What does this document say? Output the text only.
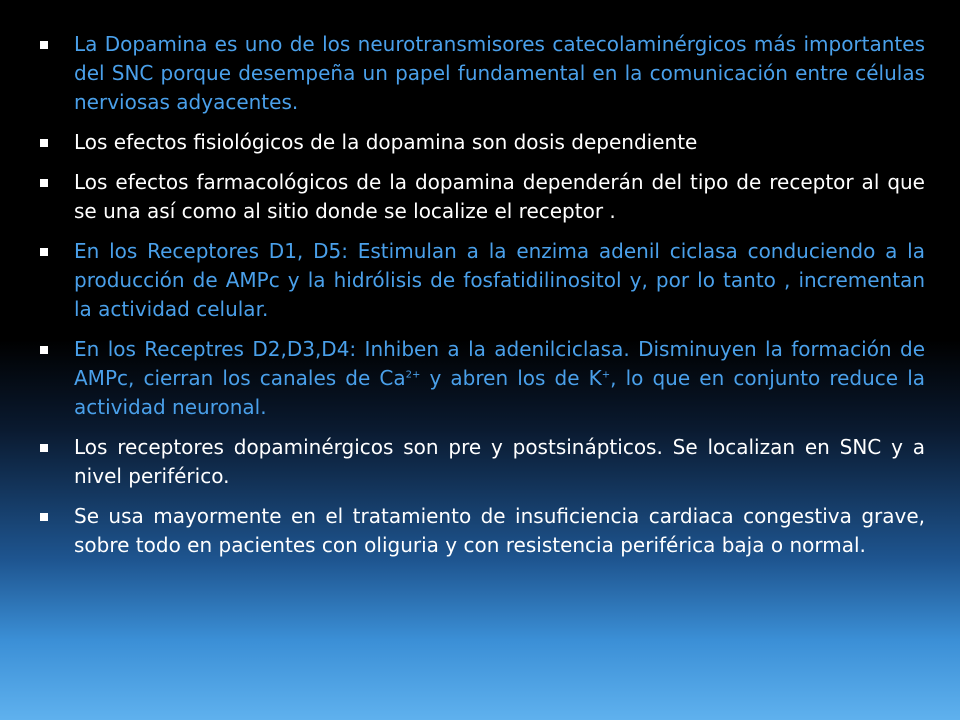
La Dopamina es uno de los neurotransmisores catecolaminérgicos más importantes del SNC porque desempeña un papel fundamental en la comunicación entre células nerviosas adyacentes.
Los efectos fisiológicos de la dopamina son dosis dependiente
Los efectos farmacológicos de la dopamina dependerán del tipo de receptor al que se una así como al sitio donde se localize el receptor .
En los Receptores D1, D5: Estimulan a la enzima adenil ciclasa conduciendo a la producción de AMPc y la hidrólisis de fosfatidilinositol y, por lo tanto , incrementan la actividad celular.
En los Receptres D2,D3,D4: Inhiben a la adenilciclasa. Disminuyen la formación de AMPc, cierran los canales de $Ca^{2+}$ y abren los de K+, lo que en conjunto reduce la actividad neuronal.
Los receptores dopaminérgicos son pre y postsinápticos. Se localizan en SNC y a nivel periférico.
Se usa mayormente en el tratamiento de insuficiencia cardiaca congestiva grave, sobre todo en pacientes con oliguria y con resistencia periférica baja o normal.
